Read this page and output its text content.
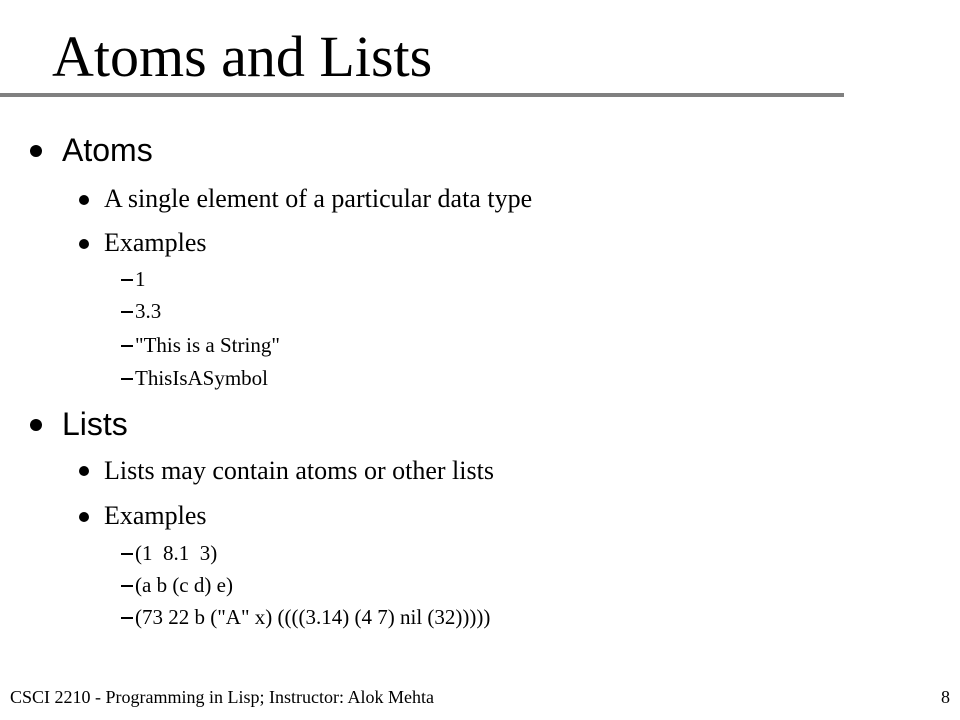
Atoms and Lists
Atoms
A single element of a particular data type
Examples
1
3.3
"This is a String"
ThisIsASymbol
Lists
Lists may contain atoms or other lists
Examples
(1  8.1  3)
(a b (c d) e)
(73 22 b ("A" x) ((((3.14) (4 7) nil (32)))))
CSCI 2210 - Programming in Lisp; Instructor: Alok Mehta	8
